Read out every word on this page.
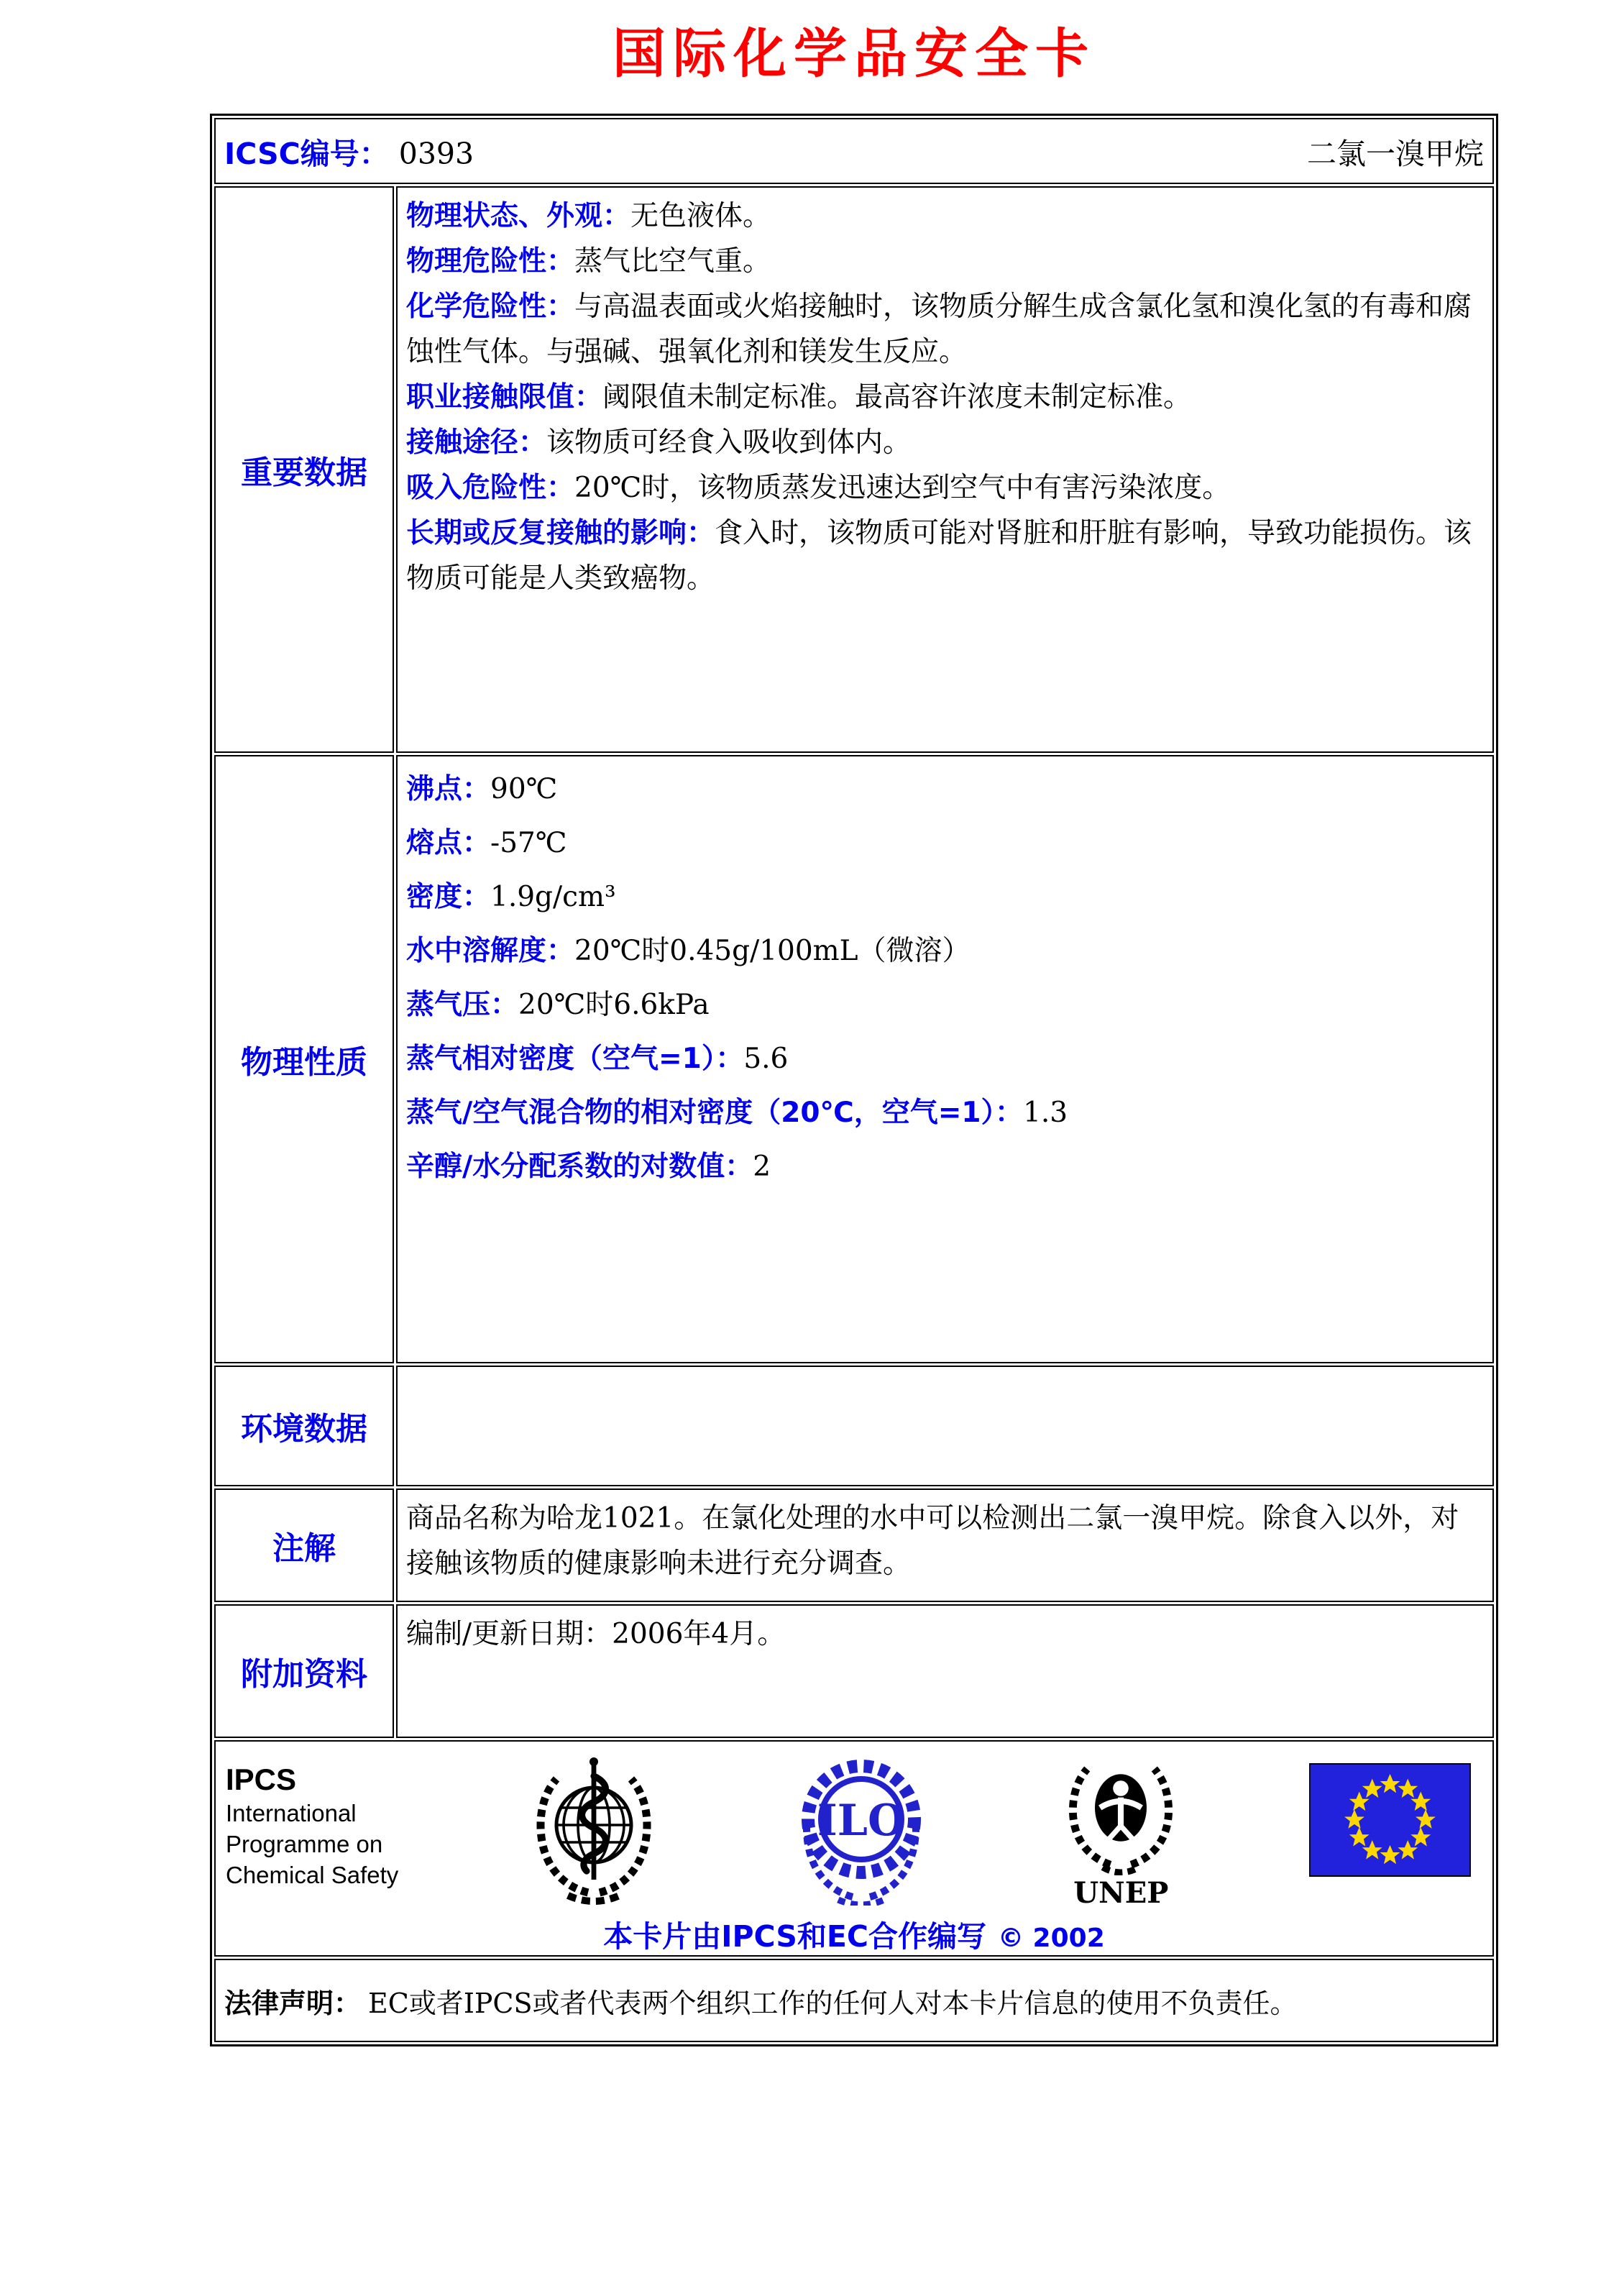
国际化学品安全卡
ICSC编号： 0393 二氯一溴甲烷	

重要数据	
物理状态、外观：无色液体。
物理危险性：蒸气比空气重。
化学危险性：与高温表面或火焰接触时，该物质分解生成含氯化氢和溴化氢的有毒和腐蚀性气体。与强碱、强氧化剂和镁发生反应。
职业接触限值：阈限值未制定标准。最高容许浓度未制定标准。
接触途径：该物质可经食入吸收到体内。
吸入危险性：20℃时，该物质蒸发迅速达到空气中有害污染浓度。
长期或反复接触的影响：食入时，该物质可能对肾脏和肝脏有影响，导致功能损伤。该物质可能是人类致癌物。

物理性质	
沸点：90℃
熔点：-57℃
密度：1.9g/cm³
水中溶解度：20℃时0.45g/100mL（微溶）
蒸气压：20℃时6.6kPa
蒸气相对密度（空气=1）：5.6
蒸气/空气混合物的相对密度（20℃，空气=1）：1.3
辛醇/水分配系数的对数值：2

环境数据	
注解	商品名称为哈龙1021。在氯化处理的水中可以检测出二氯一溴甲烷。除食入以外，对接触该物质的健康影响未进行充分调查。

附加资料	编制/更新日期：2006年4月。

IPCS
International
Programme on
Chemical Safety
ILO
UNEP
本卡片由IPCS和EC合作编写 © 2002

法律声明： EC或者IPCS或者代表两个组织工作的任何人对本卡片信息的使用不负责任。	
